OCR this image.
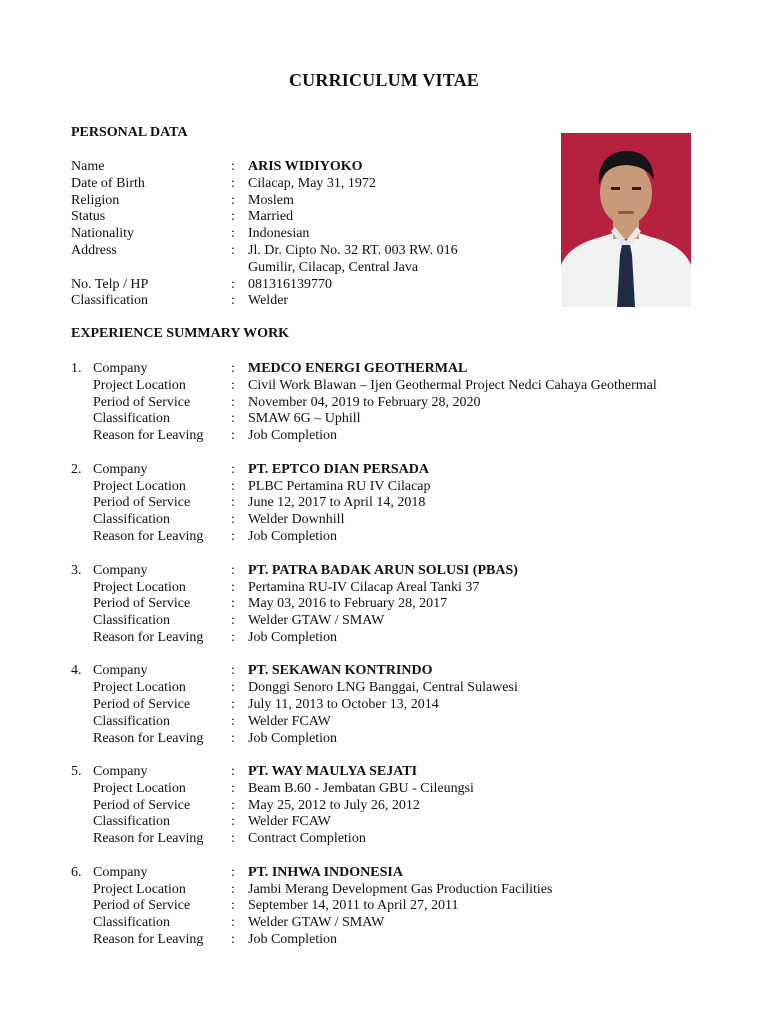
CURRICULUM VITAE
PERSONAL DATA
Name	: ARIS WIDIYOKO
Date of Birth	: Cilacap, May 31, 1972
Religion	: Moslem
Status	: Married
Nationality	: Indonesian
Address	: Jl. Dr. Cipto No. 32 RT. 003 RW. 016
Gumilir, Cilacap, Central Java
No. Telp / HP	: 081316139770
Classification	: Welder
EXPERIENCE SUMMARY WORK
1. Company	: MEDCO ENERGI GEOTHERMAL
Project Location	: Civil Work Blawan – Ijen Geothermal Project Nedci Cahaya Geothermal
Period of Service	: November 04, 2019 to February 28, 2020
Classification	: SMAW 6G – Uphill
Reason for Leaving : Job Completion
2. Company	: PT. EPTCO DIAN PERSADA
Project Location	: PLBC Pertamina RU IV Cilacap
Period of Service	: June 12, 2017 to April 14, 2018
Classification	: Welder Downhill
Reason for Leaving : Job Completion
3. Company	: PT. PATRA BADAK ARUN SOLUSI (PBAS)
Project Location	: Pertamina RU-IV Cilacap Areal Tanki 37
Period of Service	: May 03, 2016 to February 28, 2017
Classification	: Welder GTAW / SMAW
Reason for Leaving : Job Completion
4. Company	: PT. SEKAWAN KONTRINDO
Project Location	: Donggi Senoro LNG Banggai, Central Sulawesi
Period of Service	: July 11, 2013 to October 13, 2014
Classification	: Welder FCAW
Reason for Leaving : Job Completion
5. Company	: PT. WAY MAULYA SEJATI
Project Location	: Beam B.60 - Jembatan GBU - Cileungsi
Period of Service	: May 25, 2012 to July 26, 2012
Classification	: Welder FCAW
Reason for Leaving : Contract Completion
6. Company	: PT. INHWA INDONESIA
Project Location	: Jambi Merang Development Gas Production Facilities
Period of Service	: September 14, 2011 to April 27, 2011
Classification	: Welder GTAW / SMAW
Reason for Leaving : Job Completion
